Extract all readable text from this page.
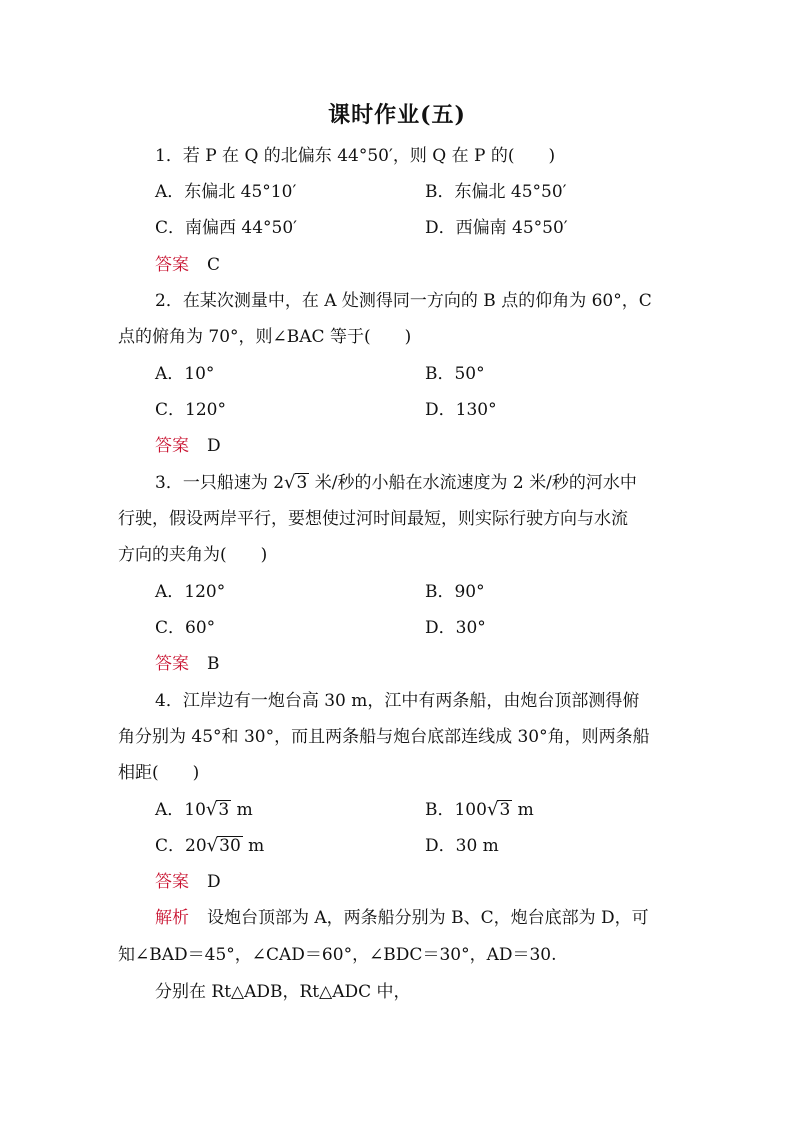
课时作业(五)
1．若 P 在 Q 的北偏东 44°50′，则 Q 在 P 的(　　)
A．东偏北 45°10′	B．东偏北 45°50′
C．南偏西 44°50′	D．西偏南 45°50′
答案 C
2．在某次测量中，在 A 处测得同一方向的 B 点的仰角为 60°，C
点的俯角为 70°，则∠BAC 等于(　　)
A．10°	B．50°
C．120°	D．130°
答案 D
3．一只船速为 2√3 米/秒的小船在水流速度为 2 米/秒的河水中
行驶，假设两岸平行，要想使过河时间最短，则实际行驶方向与水流
方向的夹角为(　　)
A．120°	B．90°
C．60°	D．30°
答案 B
4．江岸边有一炮台高 30 m，江中有两条船，由炮台顶部测得俯
角分别为 45°和 30°，而且两条船与炮台底部连线成 30°角，则两条船
相距(　　)
A．10√3 m	B．100√3 m
C．20√30 m	D．30 m
答案 D
解析 设炮台顶部为 A，两条船分别为 B、C，炮台底部为 D，可
知∠BAD＝45°，∠CAD＝60°，∠BDC＝30°，AD＝30.
分别在 Rt△ADB，Rt△ADC 中，
